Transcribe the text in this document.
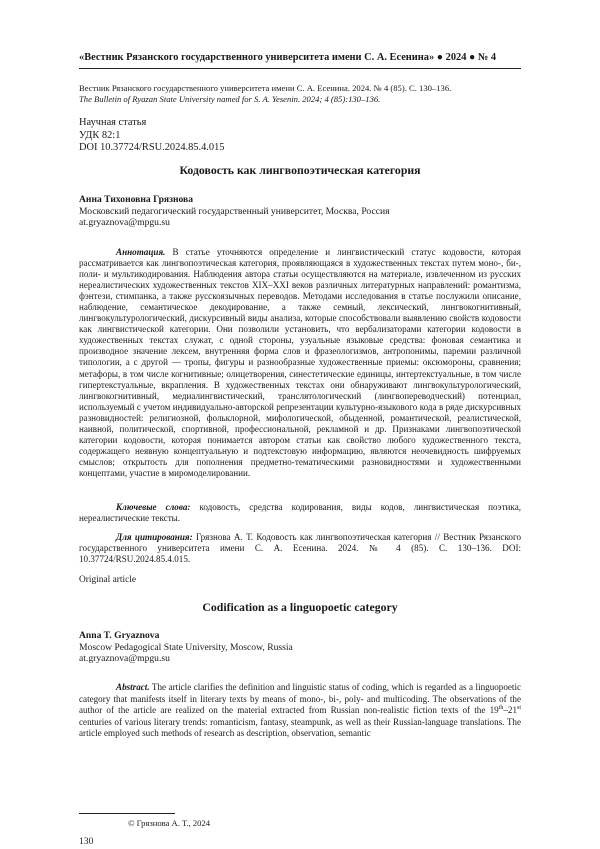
«Вестник Рязанского государственного университета имени С. А. Есенина» ● 2024 ● № 4
Вестник Рязанского государственного университета имени С. А. Есенина. 2024. № 4 (85). С. 130–136.
The Bulletin of Ryazan State University named for S. A. Yesenin. 2024; 4 (85):130–136.
Научная статья
УДК 82:1
DOI 10.37724/RSU.2024.85.4.015
Кодовость как лингвопоэтическая категория
Анна Тихоновна Грязнова
Московский педагогический государственный университет, Москва, Россия
at.gryaznova@mpgu.su
Аннотация. В статье уточняются определение и лингвистический статус кодовости, которая рассматривается как лингвопоэтическая категория, проявляющаяся в художественных текстах путем моно-, би-, поли- и мультикодирования. Наблюдения автора статьи осуществляются на материале, извлеченном из русских нереалистических художественных текстов XIX–XXI веков различных литературных направлений: романтизма, фэнтези, стимпанка, а также русскоязычных переводов. Методами исследования в статье послужили описание, наблюдение, семантическое декодирование, а также семный, лексический, лингвокогнитивный, лингвокультурологический, дискурсивный виды анализа, которые способствовали выявлению свойств кодовости как лингвистической категории. Они позволили установить, что вербализаторами категории кодовости в художественных текстах служат, с одной стороны, узуальные языковые средства: фоновая семантика и производное значение лексем, внутренняя форма слов и фразеологизмов, антропонимы, паремии различной типологии, а с другой — тропы, фигуры и разнообразные художественные приемы: оксюмороны, сравнения; метафоры, в том числе когнитивные; олицетворения, синестетические единицы, интертекстуальные, в том числе гипертекстуальные, вкрапления. В художественных текстах они обнаруживают лингвокультурологический, лингвокогнитивный, медиалингвистический, транслятологический (лингвопереводческий) потенциал, используемый с учетом индивидуально-авторской репрезентации культурно-языкового кода в ряде дискурсивных разновидностей: религиозной, фольклорной, мифологической, обыденной, романтической, реалистической, наивной, политической, спортивной, профессиональной, рекламной и др. Признаками лингвопоэтической категории кодовости, которая понимается автором статьи как свойство любого художественного текста, содержащего неявную концептуальную и подтекстовую информацию, являются неочевидность шифруемых смыслов; открытость для пополнения предметно-тематическими разновидностями и художественными концептами, участие в миромоделировании.
Ключевые слова: кодовость, средства кодирования, виды кодов, лингвистическая поэтика, нереалистические тексты.
Для цитирования: Грязнова А. Т. Кодовость как лингвопоэтическая категория // Вестник Рязанского государственного университета имени С. А. Есенина. 2024. № 4 (85). С. 130–136. DOI: 10.37724/RSU.2024.85.4.015.
Original article
Codification as a linguopoetic category
Anna T. Gryaznova
Moscow Pedagogical State University, Moscow, Russia
at.gryaznova@mpgu.su
Abstract. The article clarifies the definition and linguistic status of coding, which is regarded as a linguopoetic category that manifests itself in literary texts by means of mono-, bi-, poly- and multicoding. The observations of the author of the article are realized on the material extracted from Russian non-realistic fiction texts of the 19th–21st centuries of various literary trends: romanticism, fantasy, steampunk, as well as their Russian-language translations. The article employed such methods of research as description, observation, semantic
© Грязнова А. Т., 2024
130
